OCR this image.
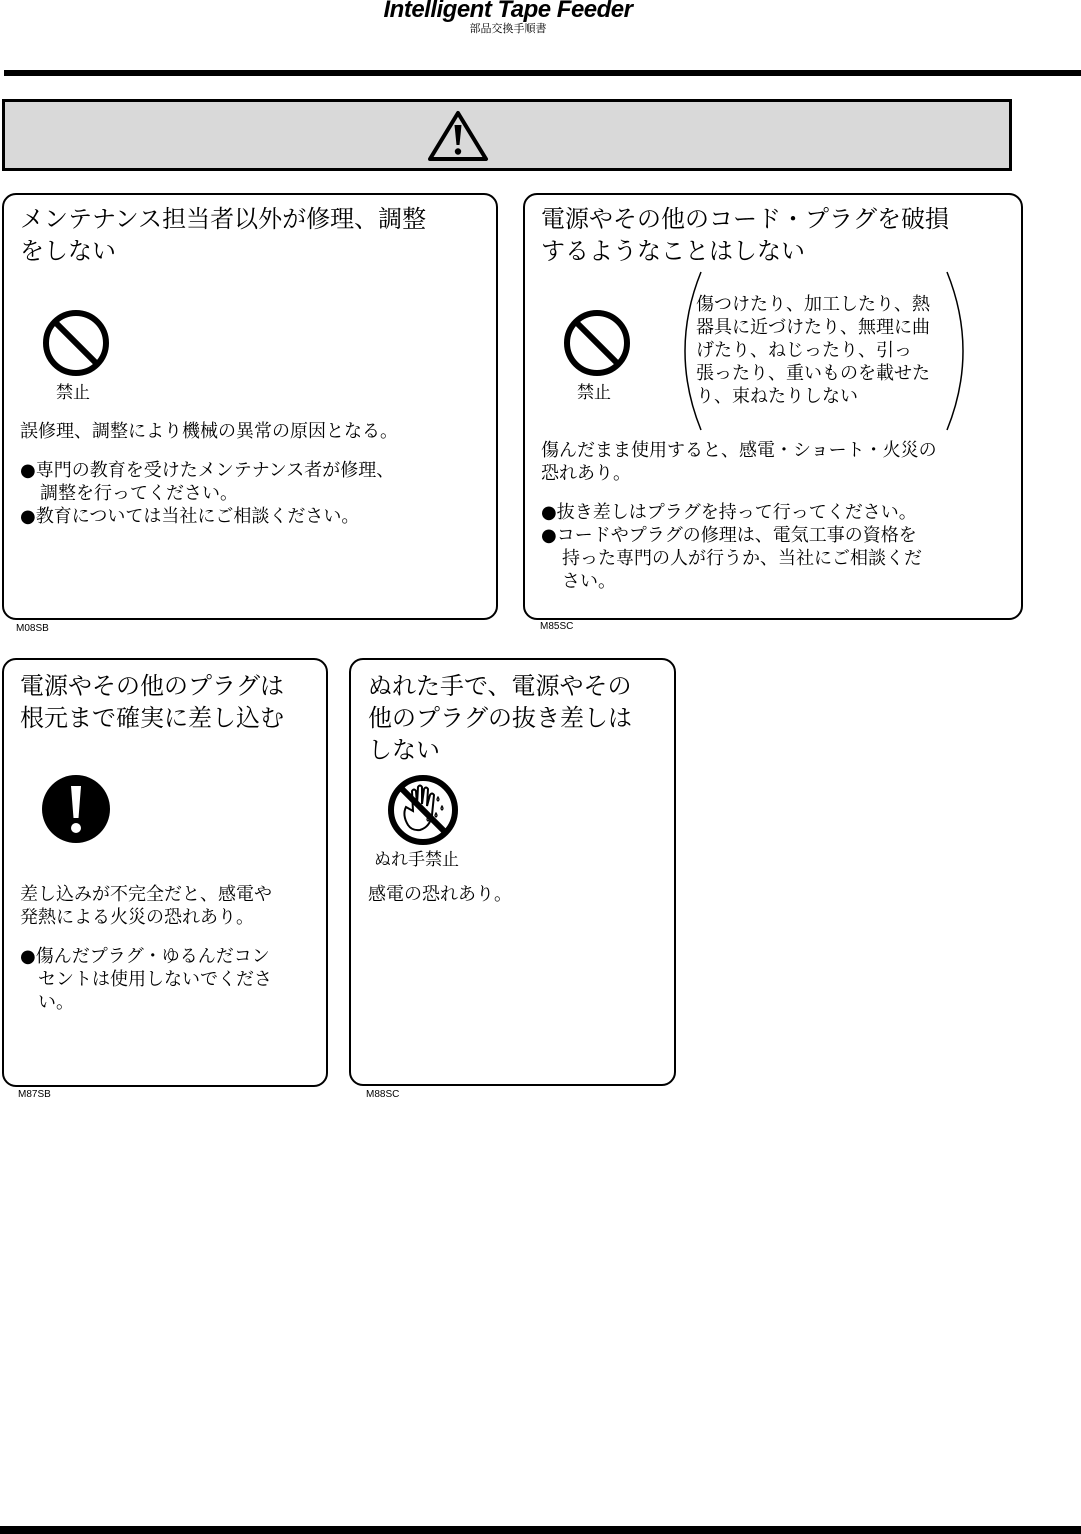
Intelligent Tape Feeder
部品交換手順書
メンテナンス担当者以外が修理、調整
をしない
禁止
誤修理、調整により機械の異常の原因となる。
●専門の教育を受けたメンテナンス者が修理、
調整を行ってください。
●教育については当社にご相談ください。
M08SB
電源やその他のコード・プラグを破損
するようなことはしない
禁止
傷つけたり、加工したり、熱
器具に近づけたり、無理に曲
げたり、ねじったり、引っ
張ったり、重いものを載せた
り、束ねたりしない
傷んだまま使用すると、感電・ショート・火災の
恐れあり。
●抜き差しはプラグを持って行ってください。
●コードやプラグの修理は、電気工事の資格を
持った専門の人が行うか、当社にご相談くだ
さい。
M85SC
電源やその他のプラグは
根元まで確実に差し込む
差し込みが不完全だと、感電や
発熱による火災の恐れあり。
●傷んだプラグ・ゆるんだコン
セントは使用しないでくださ
い。
M87SB
ぬれた手で、電源やその
他のプラグの抜き差しは
しない
ぬれ手禁止
感電の恐れあり。
M88SC
